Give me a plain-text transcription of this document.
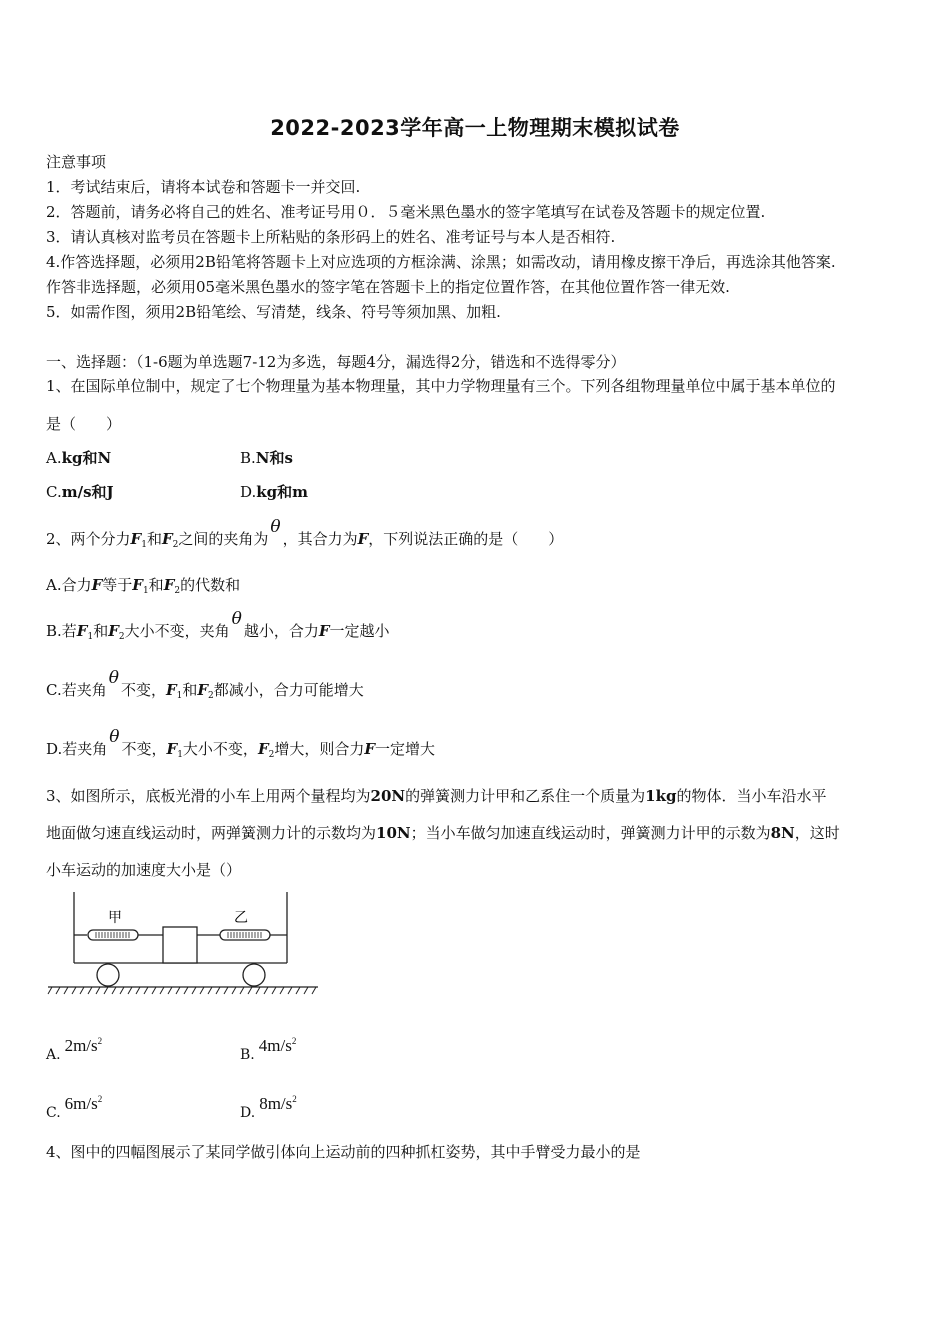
2022-2023学年高一上物理期末模拟试卷
注意事项
1．考试结束后，请将本试卷和答题卡一并交回.
2．答题前，请务必将自己的姓名、准考证号用０．５毫米黑色墨水的签字笔填写在试卷及答题卡的规定位置.
3．请认真核对监考员在答题卡上所粘贴的条形码上的姓名、准考证号与本人是否相符.
4.作答选择题，必须用2B铅笔将答题卡上对应选项的方框涂满、涂黑；如需改动，请用橡皮擦干净后，再选涂其他答案.
作答非选择题，必须用05毫米黑色墨水的签字笔在答题卡上的指定位置作答，在其他位置作答一律无效.
5．如需作图，须用2B铅笔绘、写清楚，线条、符号等须加黑、加粗.
一、选择题：（1-6题为单选题7-12为多选，每题4分，漏选得2分，错选和不选得零分）
1、在国际单位制中，规定了七个物理量为基本物理量，其中力学物理量有三个。下列各组物理量单位中属于基本单位的
是（　　）
A.kg和N	B.N和s
C.m/s和J	D.kg和m
2、两个分力$F_1$和$F_2$之间的夹角为θ，其合力为F，下列说法正确的是（　　）
A.合力F等于$F_1$和$F_2$的代数和
B.若$F_1$和$F_2$大小不变，夹角θ越小，合力F一定越小
C.若夹角θ不变，$F_1$和$F_2$都减小，合力可能增大
D.若夹角θ不变，$F_1$大小不变，$F_2$增大，则合力F一定增大
3、如图所示，底板光滑的小车上用两个量程均为20N的弹簧测力计甲和乙系住一个质量为1kg的物体．当小车沿水平
地面做匀速直线运动时，两弹簧测力计的示数均为10N；当小车做匀加速直线运动时，弹簧测力计甲的示数为8N，这时
小车运动的加速度大小是（）
甲	乙
A. $2m/s^2$
B. $4m/s^2$
C. $6m/s^2$
D. $8m/s^2$
4、图中的四幅图展示了某同学做引体向上运动前的四种抓杠姿势，其中手臂受力最小的是
